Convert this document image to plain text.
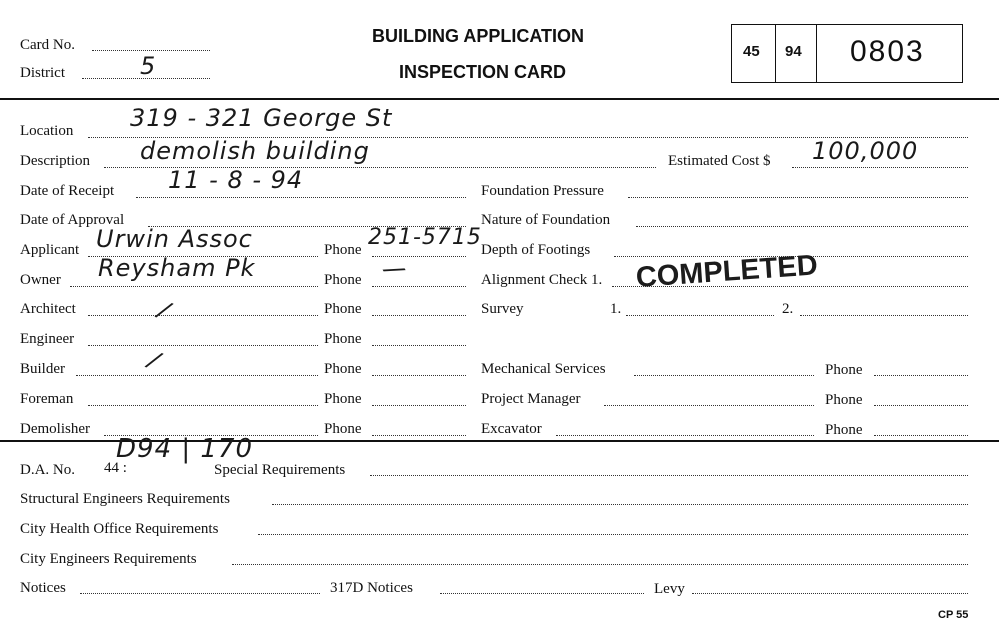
Card No.
District	5
BUILDING APPLICATION
INSPECTION CARD
45 94 0803
Location 319 - 321 George St
Description demolish building	Estimated Cost $ 100,000
Date of Receipt 11 - 8 - 94	Foundation Pressure
Date of Approval	Nature of Foundation
Applicant Urwin Assoc	Phone 251-5715 Depth of Footings
Owner Reysham Pk	Phone /	Alignment Check 1. COMPLETED
Architect	/	Phone	Survey	1.	2.
Engineer	Phone
Builder	/	Phone	Mechanical Services	Phone
Foreman	Phone	Project Manager	Phone
Demolisher	Phone	Excavator	Phone
D.A. No. 44 :
D94 | 170
Special Requirements
Structural Engineers Requirements
City Health Office Requirements
City Engineers Requirements
Notices	317D Notices	Levy
CP 55
